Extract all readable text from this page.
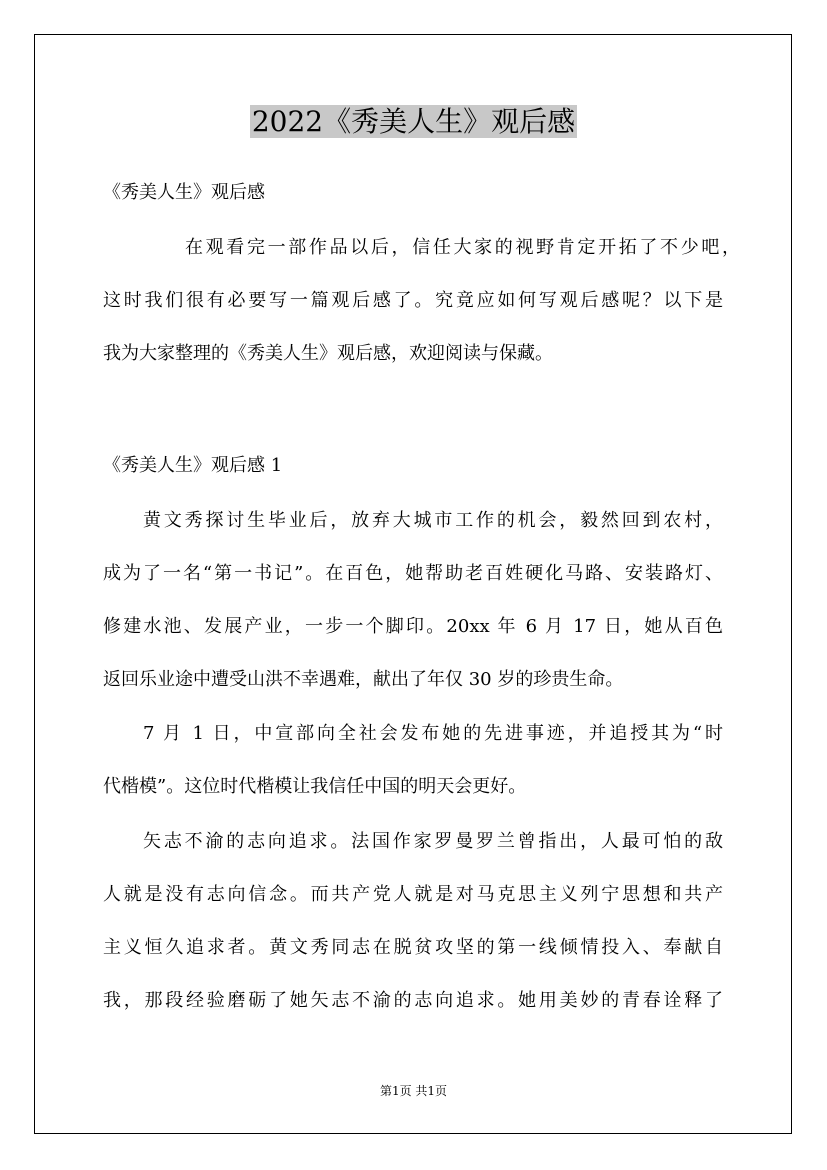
2022《秀美人生》观后感
《秀美人生》观后感
在观看完一部作品以后，信任大家的视野肯定开拓了不少吧，
这时我们很有必要写一篇观后感了。究竟应如何写观后感呢？以下是
我为大家整理的《秀美人生》观后感，欢迎阅读与保藏。
《秀美人生》观后感 1
黄文秀探讨生毕业后，放弃大城市工作的机会，毅然回到农村，
成为了一名“第一书记”。在百色，她帮助老百姓硬化马路、安装路灯、
修建水池、发展产业，一步一个脚印。20xx 年 6 月 17 日，她从百色
返回乐业途中遭受山洪不幸遇难，献出了年仅 30 岁的珍贵生命。
7 月 1 日，中宣部向全社会发布她的先进事迹，并追授其为“时
代楷模”。这位时代楷模让我信任中国的明天会更好。
矢志不渝的志向追求。法国作家罗曼罗兰曾指出，人最可怕的敌
人就是没有志向信念。而共产党人就是对马克思主义列宁思想和共产
主义恒久追求者。黄文秀同志在脱贫攻坚的第一线倾情投入、奉献自
我，那段经验磨砺了她矢志不渝的志向追求。她用美妙的青春诠释了
第1页 共1页
